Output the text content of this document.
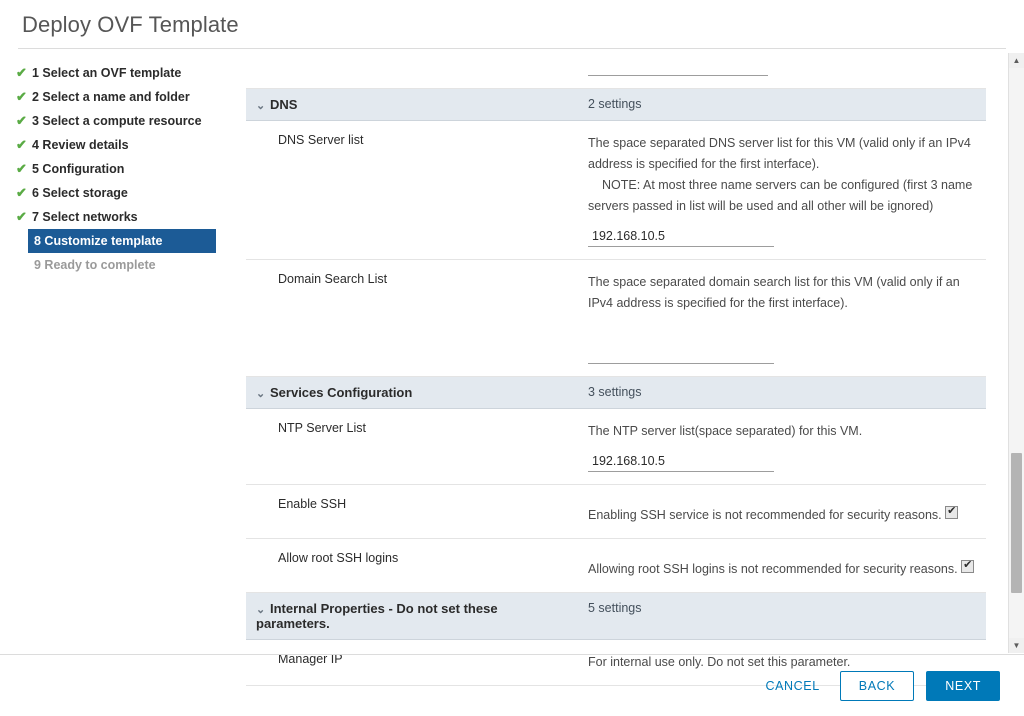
Deploy OVF Template
✔ 1 Select an OVF template
✔ 2 Select a name and folder
✔ 3 Select a compute resource
✔ 4 Review details
✔ 5 Configuration
✔ 6 Select storage
✔ 7 Select networks
8 Customize template
9 Ready to complete

⌄ DNS	2 settings
DNS Server list	The space separated DNS server list for this VM (valid only if an IPv4
address is specified for the first interface).

NOTE: At most three name servers can be configured (first 3 name
servers passed in list will be used and all other will be ignored)
192.168.10.5
Domain Search List	The space separated domain search list for this VM (valid only if an
IPv4 address is specified for the first interface).

⌄ Services Configuration	3 settings
NTP Server List	The NTP server list(space separated) for this VM.
192.168.10.5
Enable SSH	Enabling SSH service is not recommended for security reasons. ✔
Allow root SSH logins	Allowing root SSH logins is not recommended for security reasons. ✔
⌄ Internal Properties - Do not set these
parameters.	5 settings
Manager IP	For internal use only. Do not set this parameter.
▲
▼
CANCEL	BACK	NEXT
